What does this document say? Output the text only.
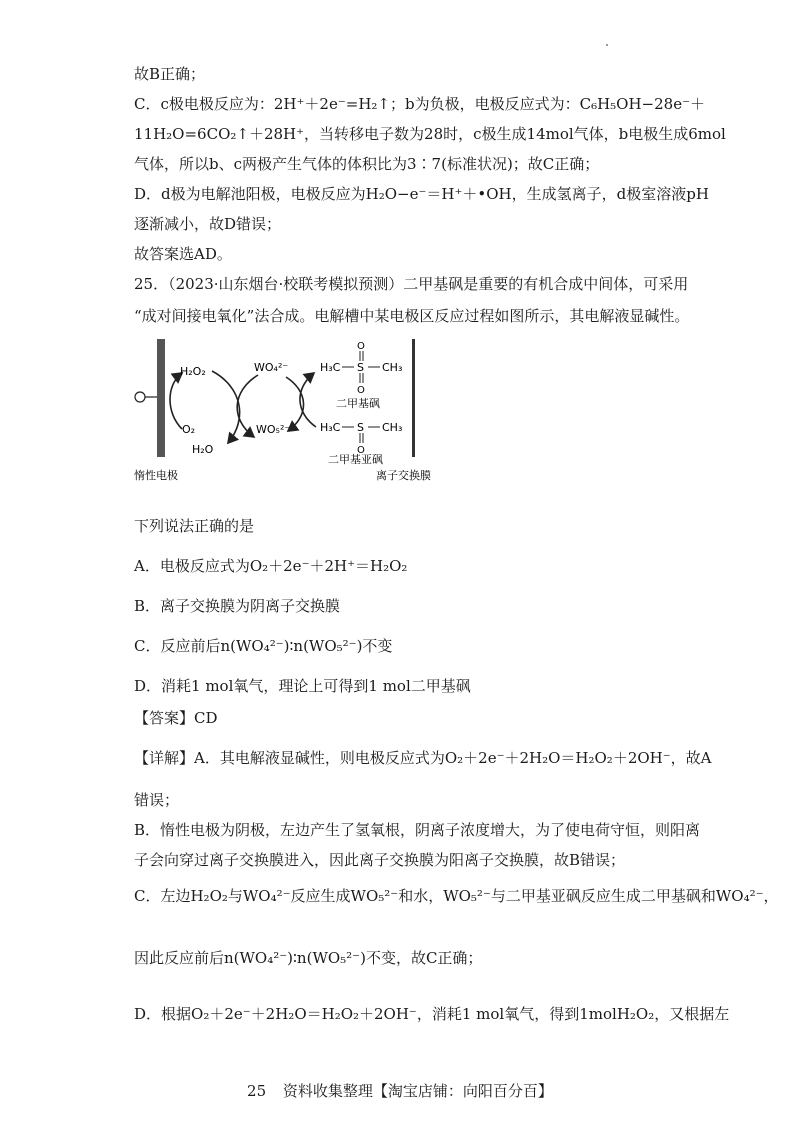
故B正确；
C．c极电极反应为：2H⁺＋2e⁻=H₂↑；b为负极，电极反应式为：C₆H₅OH−28e⁻＋
11H₂O=6CO₂↑＋28H⁺，当转移电子数为28时，c极生成14mol气体，b电极生成6mol
气体，所以b、c两极产生气体的体积比为3∶7(标准状况)；故C正确；
D．d极为电解池阳极，电极反应为H₂O−e⁻＝H⁺＋•OH，生成氢离子，d极室溶液pH
逐渐减小，故D错误；
故答案选AD。
25．（2023·山东烟台·校联考模拟预测）二甲基砜是重要的有机合成中间体，可采用
“成对间接电氧化”法合成。电解槽中某电极区反应过程如图所示，其电解液显碱性。
H₂O₂
O₂
H₂O
WO₄²⁻
WO₅²⁻
H₃C S CH₃
O
O
二甲基砜
H₃C S CH₃
O
二甲基亚砜
惰性电极	离子交换膜
下列说法正确的是
A．电极反应式为O₂＋2e⁻＋2H⁺＝H₂O₂
B．离子交换膜为阴离子交换膜
C．反应前后n(WO₄²⁻)∶n(WO₅²⁻)不变
D．消耗1 mol氧气，理论上可得到1 mol二甲基砜
【答案】CD
【详解】A．其电解液显碱性，则电极反应式为O₂＋2e⁻＋2H₂O＝H₂O₂＋2OH⁻，故A
错误；
B．惰性电极为阴极，左边产生了氢氧根，阴离子浓度增大，为了使电荷守恒，则阳离
子会向穿过离子交换膜进入，因此离子交换膜为阳离子交换膜，故B错误；
C．左边H₂O₂与WO₄²⁻反应生成WO₅²⁻和水，WO₅²⁻与二甲基亚砜反应生成二甲基砜和WO₄²⁻，
因此反应前后n(WO₄²⁻)∶n(WO₅²⁻)不变，故C正确；
D．根据O₂＋2e⁻＋2H₂O＝H₂O₂＋2OH⁻，消耗1 mol氧气，得到1molH₂O₂，又根据左
25 资料收集整理【淘宝店铺：向阳百分百】
